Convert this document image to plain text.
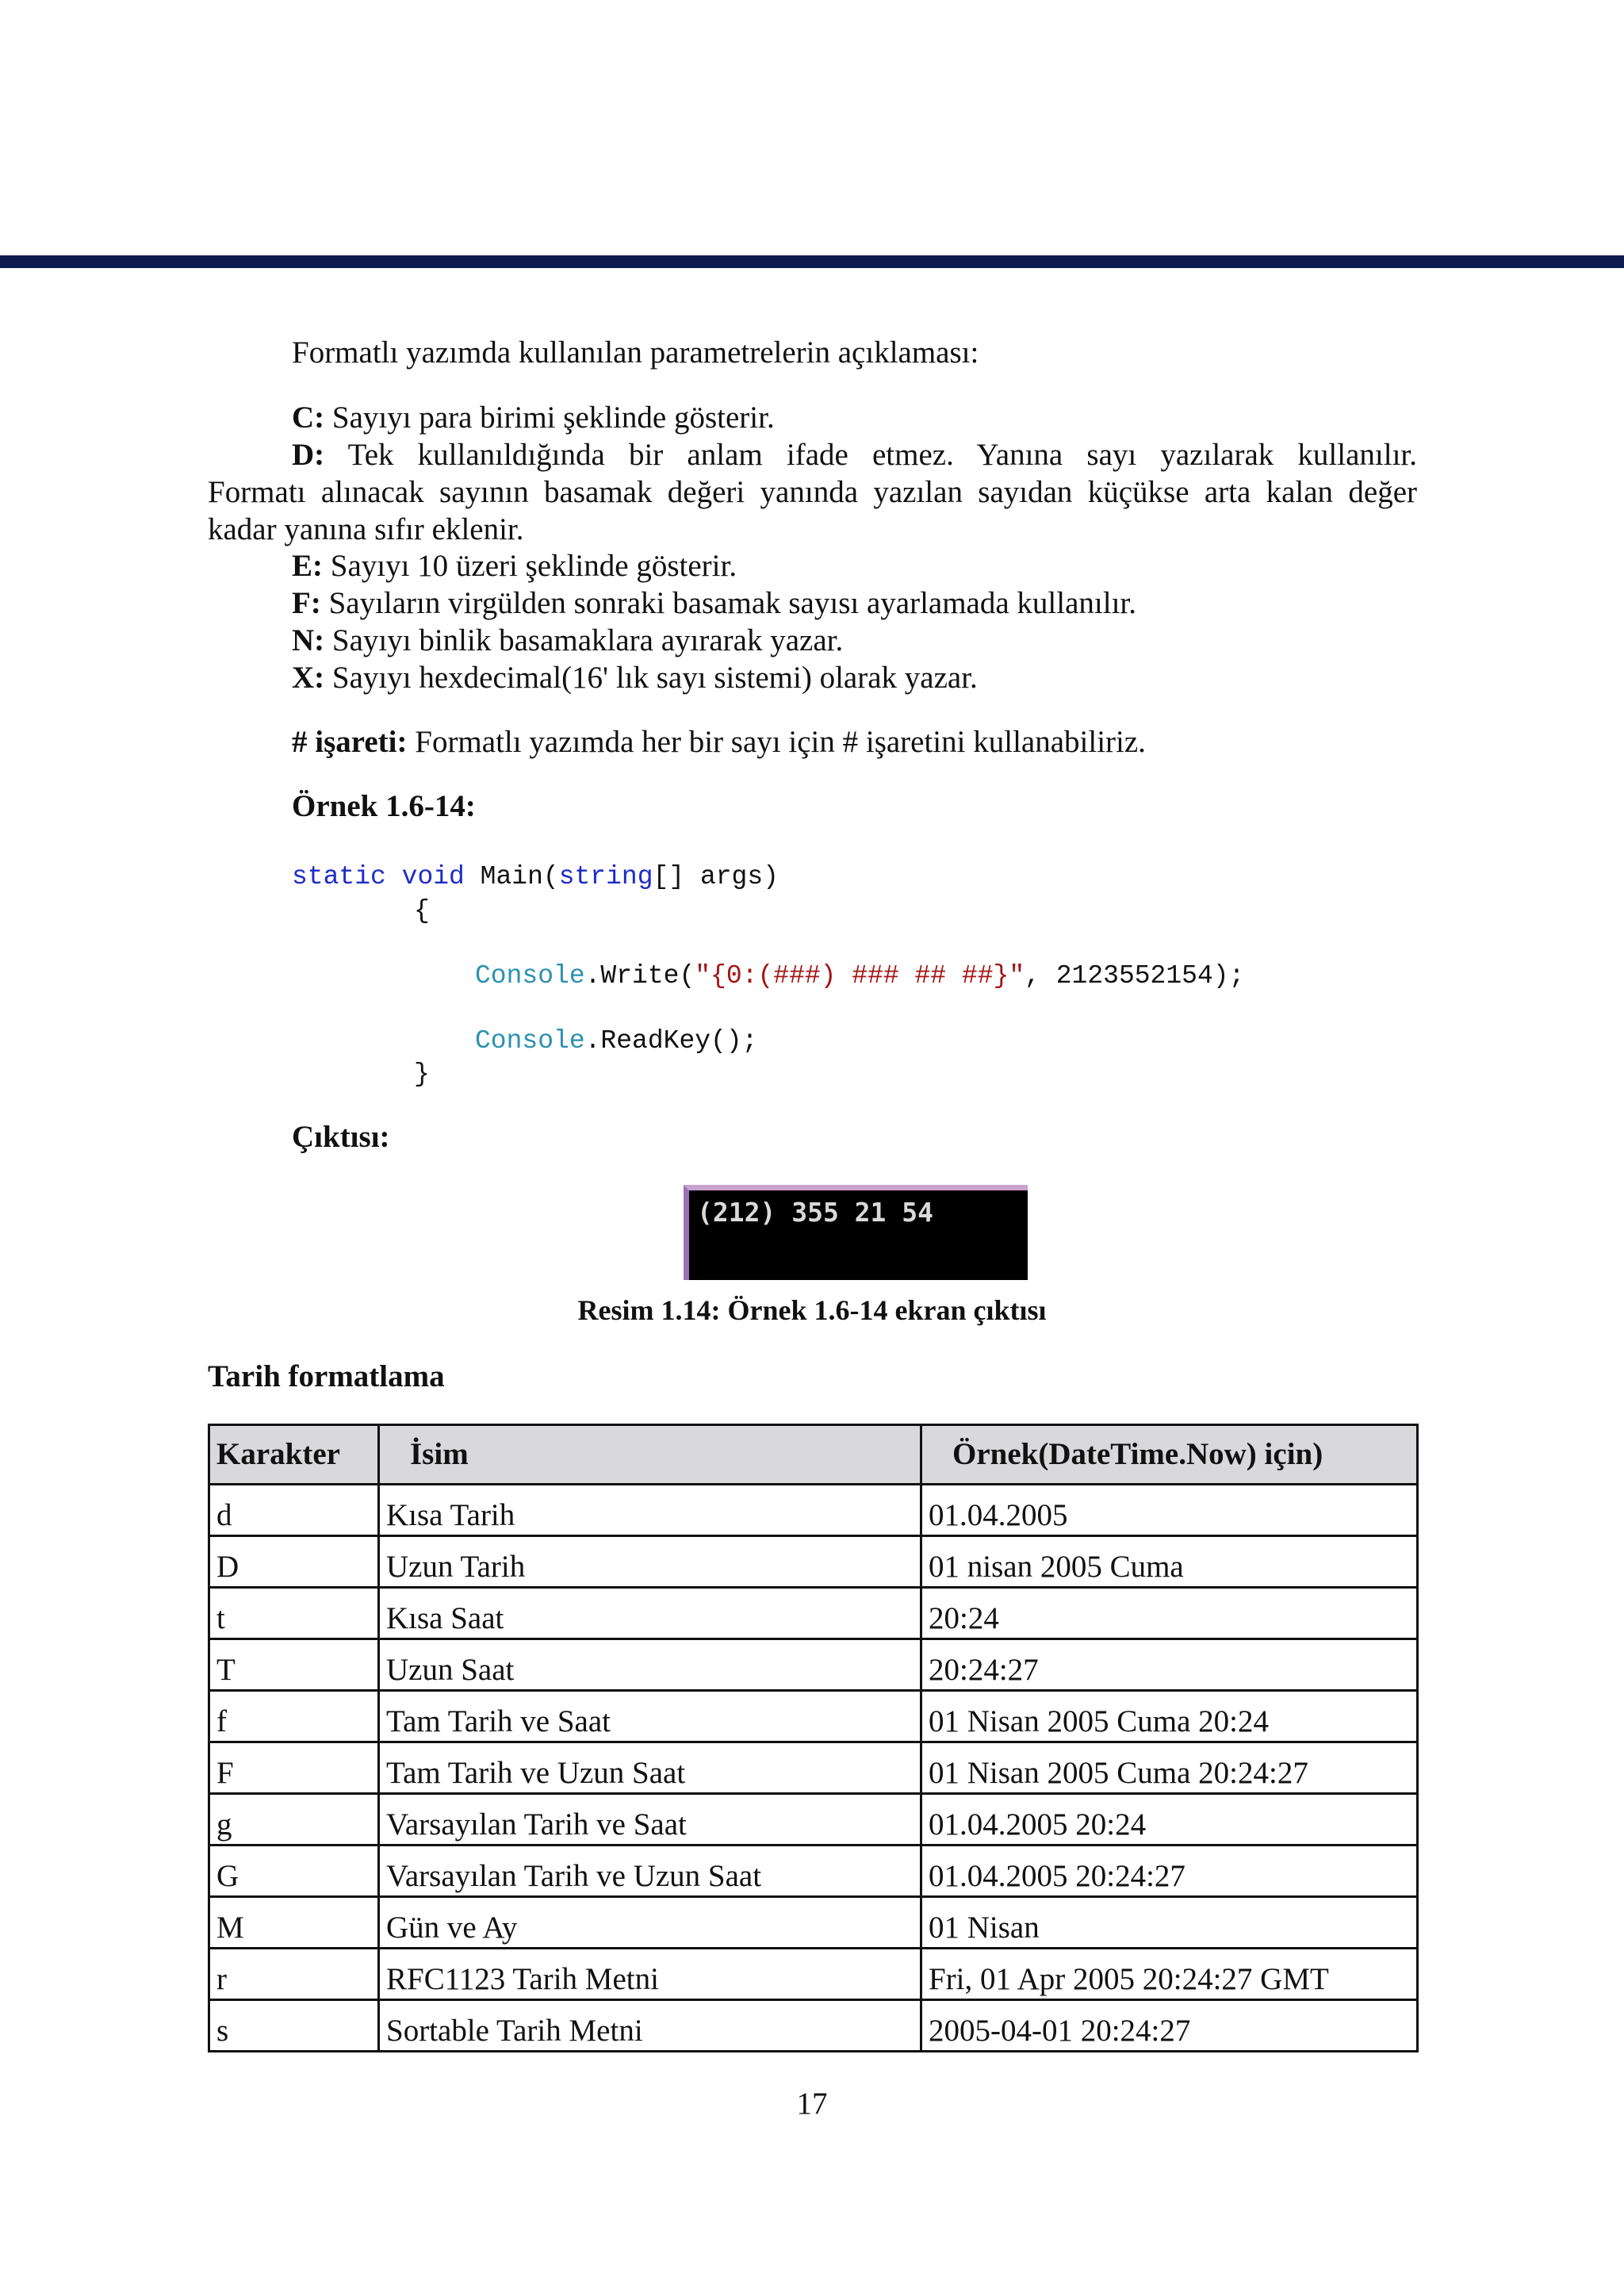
Formatlı yazımda kullanılan parametrelerin açıklaması:
C: Sayıyı para birimi şeklinde gösterir.
D: Tek kullanıldığında bir anlam ifade etmez. Yanına sayı yazılarak kullanılır.
Formatı alınacak sayının basamak değeri yanında yazılan sayıdan küçükse arta kalan değer
kadar yanına sıfır eklenir.
E: Sayıyı 10 üzeri şeklinde gösterir.
F: Sayıların virgülden sonraki basamak sayısı ayarlamada kullanılır.
N: Sayıyı binlik basamaklara ayırarak yazar.
X: Sayıyı hexdecimal(16' lık sayı sistemi) olarak yazar.
# işareti: Formatlı yazımda her bir sayı için # işaretini kullanabiliriz.
Örnek 1.6-14:
static void Main(string[] args)
{
Console.Write("{0:(###) ### ## ##}", 2123552154);
Console.ReadKey();
}
Çıktısı:
(212) 355 21 54
Resim 1.14: Örnek 1.6-14 ekran çıktısı
Tarih formatlama
Karakter	İsim	Örnek(DateTime.Now) için)
d	Kısa Tarih	01.04.2005
D	Uzun Tarih	01 nisan 2005 Cuma
t	Kısa Saat	20:24
T	Uzun Saat	20:24:27
f	Tam Tarih ve Saat	01 Nisan 2005 Cuma 20:24
F	Tam Tarih ve Uzun Saat	01 Nisan 2005 Cuma 20:24:27
g	Varsayılan Tarih ve Saat	01.04.2005 20:24
G	Varsayılan Tarih ve Uzun Saat	01.04.2005 20:24:27
M	Gün ve Ay	01 Nisan
r	RFC1123 Tarih Metni	Fri, 01 Apr 2005 20:24:27 GMT
s	Sortable Tarih Metni	2005-04-01 20:24:27
17
